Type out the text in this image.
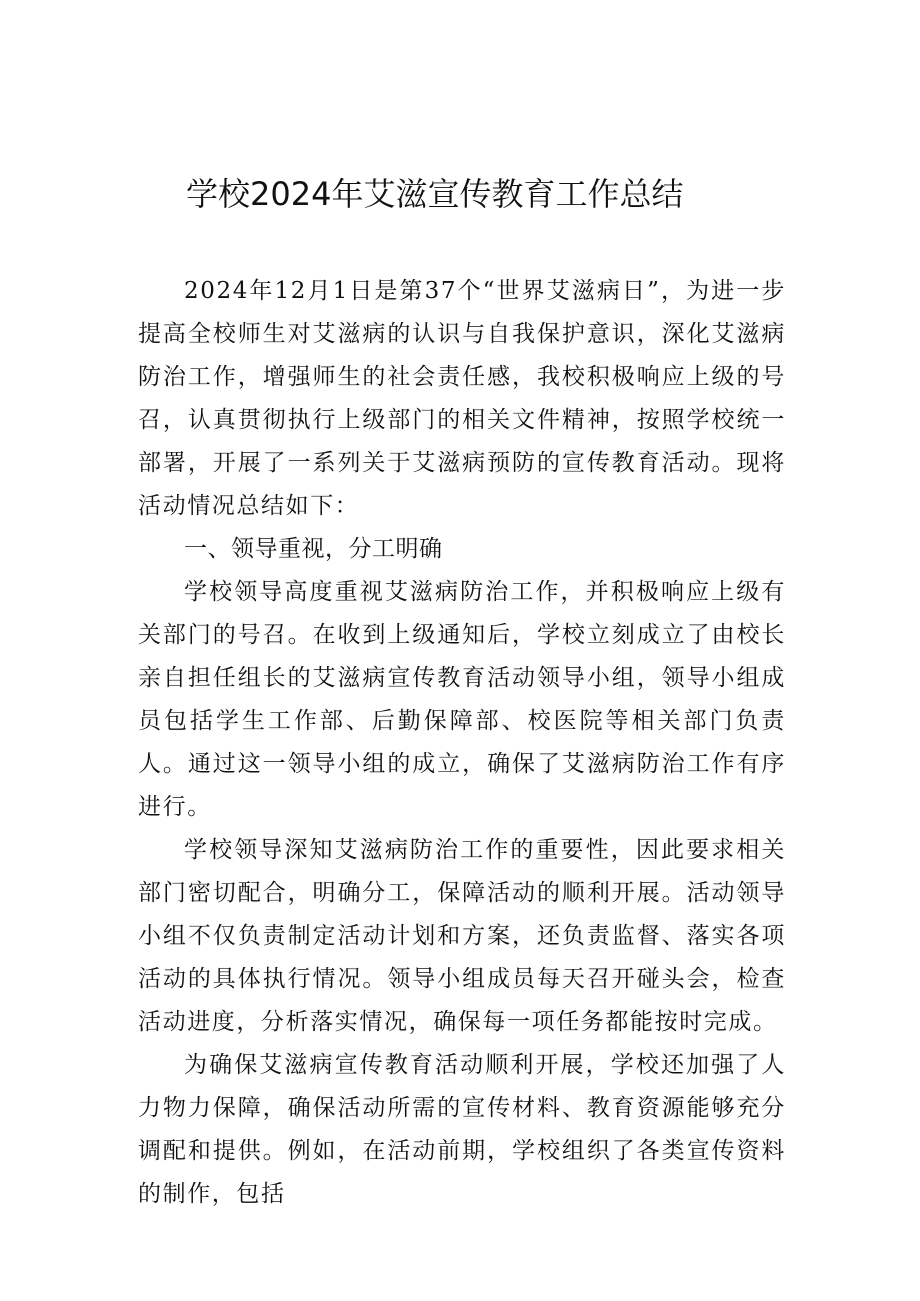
学校2024年艾滋宣传教育工作总结

2024年12月1日是第37个“世界艾滋病日”，为进一步提高全校师生对艾滋病的认识与自我保护意识，深化艾滋病防治工作，增强师生的社会责任感，我校积极响应上级的号召，认真贯彻执行上级部门的相关文件精神，按照学校统一部署，开展了一系列关于艾滋病预防的宣传教育活动。现将活动情况总结如下：

一、领导重视，分工明确

学校领导高度重视艾滋病防治工作，并积极响应上级有关部门的号召。在收到上级通知后，学校立刻成立了由校长亲自担任组长的艾滋病宣传教育活动领导小组，领导小组成员包括学生工作部、后勤保障部、校医院等相关部门负责人。通过这一领导小组的成立，确保了艾滋病防治工作有序进行。

学校领导深知艾滋病防治工作的重要性，因此要求相关部门密切配合，明确分工，保障活动的顺利开展。活动领导小组不仅负责制定活动计划和方案，还负责监督、落实各项活动的具体执行情况。领导小组成员每天召开碰头会，检查活动进度，分析落实情况，确保每一项任务都能按时完成。

为确保艾滋病宣传教育活动顺利开展，学校还加强了人力物力保障，确保活动所需的宣传材料、教育资源能够充分调配和提供。例如，在活动前期，学校组织了各类宣传资料的制作，包括
